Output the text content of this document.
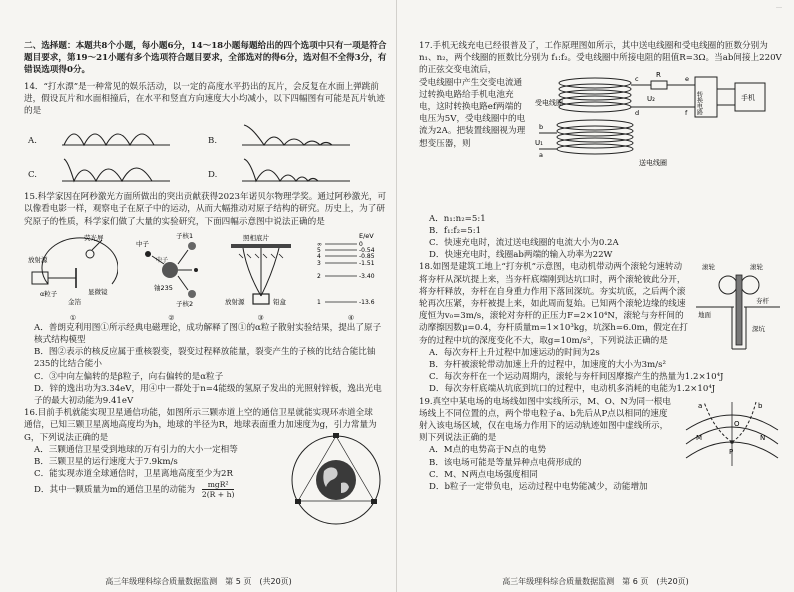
二、选择题：本题共8个小题，每小题6分，14～18小题每题给出的四个选项中只有一项是符合题目要求，第19～21小题有多个选项符合题目要求，全部选对的得6分，选对但不全得3分，有错误选项得0分。

14．“打水漂”是一种常见的娱乐活动，以一定的高度水平扔出的瓦片，会反复在水面上弹跳前进，假设瓦片和水面相撞后，在水平和竖直方向速度大小均减小，以下四幅图有可能是瓦片轨迹的是

A.	B.
C.	D.

15.科学家因在阿秒激光方面所做出的突出贡献获得2023年诺贝尔物理学奖。通过阿秒激光，可以像看电影一样，观察电子在原子中的运动，从而大幅推动对原子结构的研究。历史上，为了研究原子的性质，科学家们做了大量的实验研究，下面四幅示意图中说法正确的是

放射源
α粒子
金箔
荧光屏
显微镜
①
中子
铀235
中子
子核1
子核2
②
照相底片
放射源	铅盒
③
E/eV
∞
5
4
3
2
1
0
-0.54
-0.85
-1.51
-3.40
-13.6
④

A．普朗克利用图①所示经典电磁理论，成功解释了图①的α粒子散射实验结果，提出了原子核式结构模型

B．图②表示的核反应属于重核裂变，裂变过程释放能量，裂变产生的子核的比结合能比铀235的比结合能小

C．③中向左偏转的是β粒子，向右偏转的是α粒子

D．锌的逸出功为3.34eV，用④中一群处于n=4能级的氢原子发出的光照射锌板，逸出光电子的最大初动能为9.41eV

16.目前手机就能实现卫星通信功能，如图所示三颗赤道上空的通信卫星就能实现环赤道全球通信，已知三颗卫星离地高度均为h，地球的半径为R，地球表面重力加速度为g，引力常量为G，下列说法正确的是

A．三颗通信卫星受到地球的万有引力的大小一定相等

B．三颗卫星的运行速度大于7.9km/s

C．能实现赤道全球通信时，卫星离地高度至少为2R

D．其中一颗质量为m的通信卫星的动能为
mgR²
2(R + h)

高三年级理科综合质量数据监测　第 5 页　(共20页)
…

17.手机无线充电已经很普及了，工作原理图如所示，其中送电线圈和受电线圈的匝数分别为n₁、n₂，两个线圈的匝数比分别为 f₁:f₂。受电线圈中所接电阻的阻值R=3Ω。当ab间接上220V的正弦交变电流后，

受电线圈中产生交变电流通过转换电路给手机电池充电，这时转换电路ef两端的电压为5V，受电线圈中的电流为2A。把装置线圈视为理想变压器，则

受电线圈
送电线圈
R
U₂
U₁
转换电路	手机
c
d
e
f
a
b

A．n₁:n₂=5:1

B．f₁:f₂=5:1

C．快速充电时，流过送电线圈的电流大小为0.2A

D．快速充电时，线圈ab两端的输入功率为22W

18.如图是建筑工地上“打夯机”示意图，电动机带动两个滚轮匀速转动将夯杆从深坑提上来，当夯杆底端刚到达坑口时，两个滚轮彼此分开，将夯杆释放，夯杆在自身重力作用下落回深坑。夯实坑底，之后两个滚轮再次压紧，夯杆被提上来，如此周而复始。已知两个滚轮边缘的线速度恒为v₀=3m/s，滚轮对夯杆的正压力F=2×10⁴N，滚轮与夯杆间的动摩擦因数μ=0.4，夯杆质量m=1×10³kg，坑深h=6.0m，假定在打夯的过程中坑的深度变化不大，取g=10m/s²，下列说法正确的是

滚轮	滚轮
夯杆
地面
深坑

A．每次夯杆上升过程中加速运动的时间为2s

B．夯杆被滚轮带动加速上升的过程中，加速度的大小为3m/s²

C．每次夯杆在一个运动周期内，滚轮与夯杆间因摩擦产生的热量为1.2×10⁴J

D．每次夯杆底端从坑底到坑口的过程中，电动机多消耗的电能为1.2×10⁴J

19.真空中某电场的电场线如图中实线所示，M、O、N为同一根电场线上不同位置的点，两个带电粒子a、b先后从P点以相同的速度射入该电场区域，仅在电场力作用下的运动轨迹如图中虚线所示，则下列说法正确的是

a	b
M
O
N
P

A．M点的电势高于N点的电势

B．该电场可能是等量异种点电荷形成的

C．M、N两点电场强度相同

D．b粒子一定带负电，运动过程中电势能减少，动能增加

高三年级理科综合质量数据监测　第 6 页　(共20页)
